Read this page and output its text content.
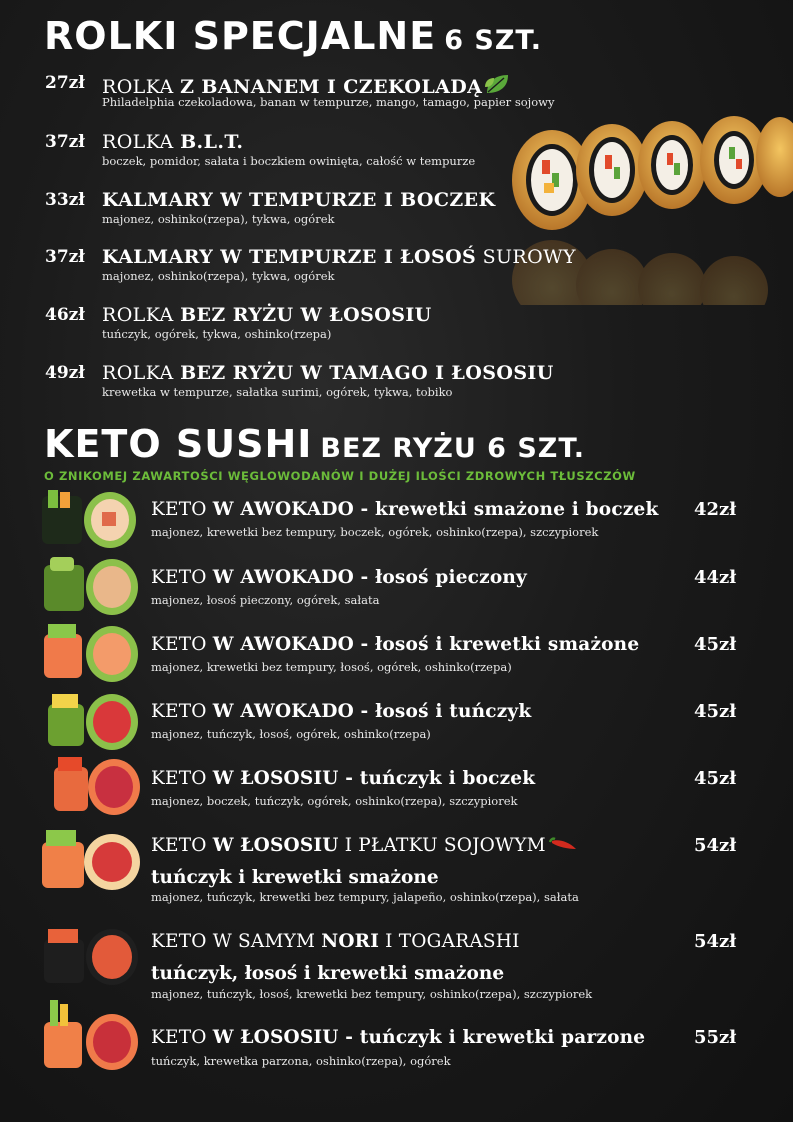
ROLKI SPECJALNE 6 SZT.
27zł ROLKA Z BANANEM I CZEKOLADĄ
Philadelphia czekoladowa, banan w tempurze, mango, tamago, papier sojowy
37zł ROLKA B.L.T.
boczek, pomidor, sałata i boczkiem owinięta, całość w tempurze
33zł KALMARY W TEMPURZE I BOCZEK
majonez, oshinko(rzepa), tykwa, ogórek
37zł KALMARY W TEMPURZE I ŁOSOŚ SUROWY
majonez, oshinko(rzepa), tykwa, ogórek
46zł ROLKA BEZ RYŻU W ŁOSOSIU
tuńczyk, ogórek, tykwa, oshinko(rzepa)
49zł ROLKA BEZ RYŻU W TAMAGO I ŁOSOSIU
krewetka w tempurze, sałatka surimi, ogórek, tykwa, tobiko
KETO SUSHI BEZ RYŻU 6 SZT.
O ZNIKOMEJ ZAWARTOŚCI WĘGLOWODANÓW I DUŻEJ ILOŚCI ZDROWYCH TŁUSZCZÓW
KETO W AWOKADO - krewetki smażone i boczek
majonez, krewetki bez tempury, boczek, ogórek, oshinko(rzepa), szczypiorek
42zł
KETO W AWOKADO - łosoś pieczony
majonez, łosoś pieczony, ogórek, sałata
44zł
KETO W AWOKADO - łosoś i krewetki smażone
majonez, krewetki bez tempury, łosoś, ogórek, oshinko(rzepa)
45zł
KETO W AWOKADO - łosoś i tuńczyk
majonez, tuńczyk, łosoś, ogórek, oshinko(rzepa)
45zł
KETO W ŁOSOSIU - tuńczyk i boczek
majonez, boczek, tuńczyk, ogórek, oshinko(rzepa), szczypiorek
45zł
KETO W ŁOSOSIU I PŁATKU SOJOWYM
tuńczyk i krewetki smażone
majonez, tuńczyk, krewetki bez tempury, jalapeño, oshinko(rzepa), sałata
54zł
KETO W SAMYM NORI I TOGARASHI
tuńczyk, łosoś i krewetki smażone
majonez, tuńczyk, łosoś, krewetki bez tempury, oshinko(rzepa), szczypiorek
54zł
KETO W ŁOSOSIU - tuńczyk i krewetki parzone
tuńczyk, krewetka parzona, oshinko(rzepa), ogórek
55zł
